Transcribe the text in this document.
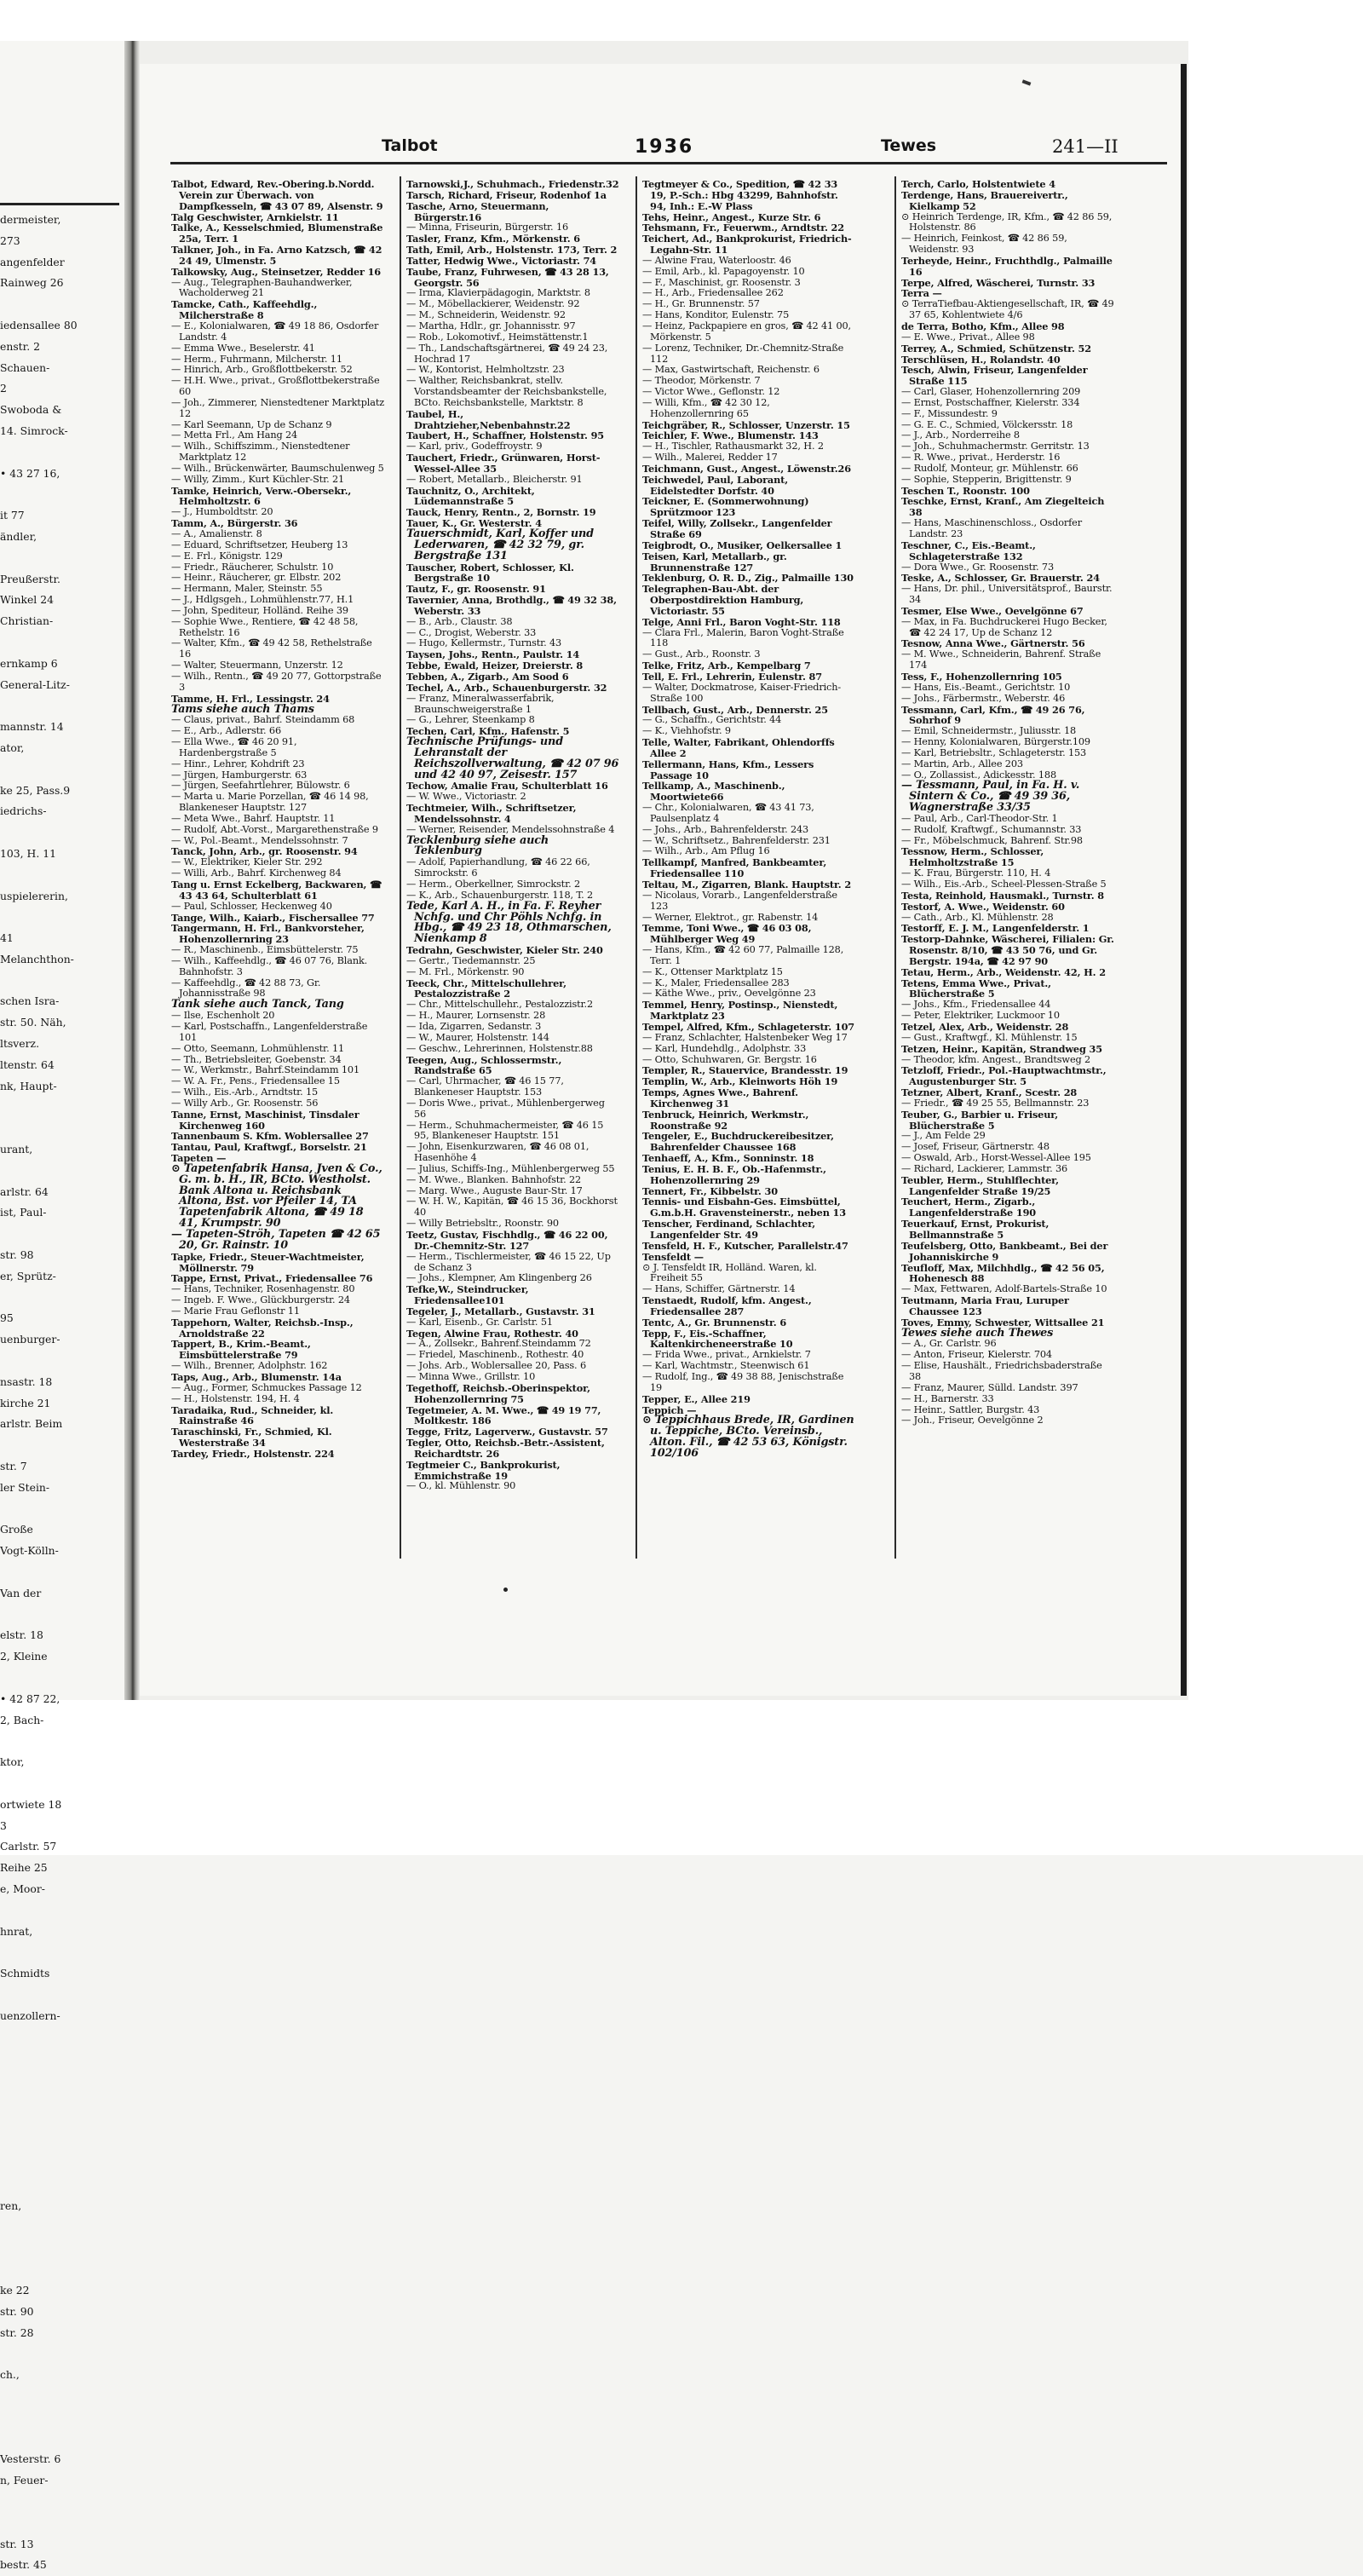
dermeister,
273
angenfelder
Rainweg 26
iedensallee 80
enstr. 2
Schauen-
2
Swoboda &
14. Simrock-
• 43 27 16,
it 77
ändler,
Preußerstr.
Winkel 24
Christian-
ernkamp 6
General-Litz-
mannstr. 14
ator,
ke 25, Pass.9
iedrichs-
103, H. 11
uspielererin,
41
Melanchthon-
schen Isra-
str. 50. Näh,
ltsverz.
ltenstr. 64
nk, Haupt-
urant,
arlstr. 64
ist, Paul-
str. 98
er, Sprütz-
95
uenburger-
nsastr. 18
kirche 21
arlstr. Beim
str. 7
ler Stein-
Große
Vogt-Kölln-
Van der
elstr. 18
2, Kleine
• 42 87 22,
2, Bach-
ktor,
ortwiete 18
3
Carlstr. 57
Reihe 25
e, Moor-
hnrat,
Schmidts
uenzollern-
ren,
ke 22
str. 90
str. 28
ch.,
Vesterstr. 6
n, Feuer-
str. 13
bestr. 45
Talbot	1936	Tewes	241—II
Talbot, Edward, Rev.-Obering.b.Nordd. Verein zur Überwach. von Dampfkesseln, ☎ 43 07 89, Alsenstr. 9
Talg Geschwister, Arnkielstr. 11
Talke, A., Kesselschmied, Blumenstraße 25a, Terr. 1
Talkner, Joh., in Fa. Arno Katzsch, ☎ 42 24 49, Ulmenstr. 5
Talkowsky, Aug., Steinsetzer, Redder 16
— Aug., Telegraphen-Bauhandwerker, Wacholderweg 21
Tamcke, Cath., Kaffeehdlg., Milcherstraße 8
— E., Kolonialwaren, ☎ 49 18 86, Osdorfer Landstr. 4
— Emma Wwe., Beselerstr. 41
— Herm., Fuhrmann, Milcherstr. 11
— Hinrich, Arb., Großflottbekerstr. 52
— H.H. Wwe., privat., Großflottbekerstraße 60
— Joh., Zimmerer, Nienstedtener Marktplatz 12
— Karl Seemann, Up de Schanz 9
— Metta Frl., Am Hang 24
— Wilh., Schiffszimm., Nienstedtener Marktplatz 12
— Wilh., Brückenwärter, Baumschulenweg 5
— Willy, Zimm., Kurt Küchler-Str. 21
Tamke, Heinrich, Verw.-Obersekr., Helmholtzstr. 6
— J., Humboldtstr. 20
Tamm, A., Bürgerstr. 36
— A., Amalienstr. 8
— Eduard, Schriftsetzer, Heuberg 13
— E. Frl., Königstr. 129
— Friedr., Räucherer, Schulstr. 10
— Heinr., Räucherer, gr. Elbstr. 202
— Hermann, Maler, Steinstr. 55
— J., Hdlgsgeh., Lohmühlenstr.77, H.1
— John, Spediteur, Holländ. Reihe 39
— Sophie Wwe., Rentiere, ☎ 42 48 58, Rethelstr. 16
— Walter, Kfm., ☎ 49 42 58, Rethelstraße 16
— Walter, Steuermann, Unzerstr. 12
— Wilh., Rentn., ☎ 49 20 77, Gottorpstraße 3
Tamme, H. Frl., Lessingstr. 24
Tams siehe auch Thams
— Claus, privat., Bahrf. Steindamm 68
— E., Arb., Adlerstr. 66
— Ella Wwe., ☎ 46 20 91, Hardenbergstraße 5
— Hinr., Lehrer, Kohdrift 23
— Jürgen, Hamburgerstr. 63
— Jürgen, Seefahrtlehrer, Bülowstr. 6
— Marta u. Marie Porzellan, ☎ 46 14 98, Blankeneser Hauptstr. 127
— Meta Wwe., Bahrf. Hauptstr. 11
— Rudolf, Abt.-Vorst., Margarethenstraße 9
— W., Pol.-Beamt., Mendelssohnstr. 7
Tanck, John, Arb., gr. Roosenstr. 94
— W., Elektriker, Kieler Str. 292
— Willi, Arb., Bahrf. Kirchenweg 84
Tang u. Ernst Eckelberg, Backwaren, ☎ 43 43 64, Schulterblatt 61
— Paul, Schlosser, Heckenweg 40
Tange, Wilh., Kaiarb., Fischersallee 77
Tangermann, H. Frl., Bankvorsteher, Hohenzollernring 23
— R., Maschinenb., Eimsbüttelerstr. 75
— Wilh., Kaffeehdlg., ☎ 46 07 76, Blank. Bahnhofstr. 3
— Kaffeehdlg., ☎ 42 88 73, Gr. Johannisstraße 98
Tank siehe auch Tanck, Tang
— Ilse, Eschenholt 20
— Karl, Postschaffn., Langenfelderstraße 101
— Otto, Seemann, Lohmühlenstr. 11
— Th., Betriebsleiter, Goebenstr. 34
— W., Werkmstr., Bahrf.Steindamm 101
— W. A. Fr., Pens., Friedensallee 15
— Wilh., Eis.-Arb., Arndtstr. 15
— Willy Arb., Gr. Roosenstr. 56
Tanne, Ernst, Maschinist, Tinsdaler Kirchenweg 160
Tannenbaum S. Kfm. Woblersallee 27
Tantau, Paul, Kraftwgf., Borselstr. 21
Tapeten —
⊙ Tapetenfabrik Hansa, Jven & Co., G. m. b. H., IR, BCto. Westholst. Bank Altona u. Reichsbank Altona, Bst. vor Pfeiler 14, TA Tapetenfabrik Altona, ☎ 49 18 41, Krumpstr. 90
— Tapeten-Ströh, Tapeten ☎ 42 65 20, Gr. Rainstr. 10
Tapke, Friedr., Steuer-Wachtmeister, Möllnerstr. 79
Tappe, Ernst, Privat., Friedensallee 76
— Hans, Techniker, Rosenhagenstr. 80
— Ingeb. F. Wwe., Glückburgerstr. 24
— Marie Frau Geflonstr 11
Tappehorn, Walter, Reichsb.-Insp., Arnoldstraße 22
Tappert, B., Krim.-Beamt., Eimsbüttelerstraße 79
— Wilh., Brenner, Adolphstr. 162
Taps, Aug., Arb., Blumenstr. 14a
— Aug., Former, Schmuckes Passage 12
— H., Holstenstr. 194, H. 4
Taradaika, Rud., Schneider, kl. Rainstraße 46
Taraschinski, Fr., Schmied, Kl. Westerstraße 34
Tardey, Friedr., Holstenstr. 224
Tarnowski,J., Schuhmach., Friedenstr.32
Tarsch, Richard, Friseur, Rodenhof 1a
Tasche, Arno, Steuermann, Bürgerstr.16
— Minna, Friseurin, Bürgerstr. 16
Tasler, Franz, Kfm., Mörkenstr. 6
Tath, Emil, Arb., Holstenstr. 173, Terr. 2
Tatter, Hedwig Wwe., Victoriastr. 74
Taube, Franz, Fuhrwesen, ☎ 43 28 13, Georgstr. 56
— Irma, Klavierpädagogin, Marktstr. 8
— M., Möbellackierer, Weidenstr. 92
— M., Schneiderin, Weidenstr. 92
— Martha, Hdlr., gr. Johannisstr. 97
— Rob., Lokomotivf., Heimstättenstr.1
— Th., Landschaftsgärtnerei, ☎ 49 24 23, Hochrad 17
— W., Kontorist, Helmholtzstr. 23
— Walther, Reichsbankrat, stellv. Vorstandsbeamter der Reichsbankstelle, BCto. Reichsbankstelle, Marktstr. 8
Taubel, H., Drahtzieher,Nebenbahnstr.22
Taubert, H., Schaffner, Holstenstr. 95
— Karl, priv., Godeffroystr. 9
Tauchert, Friedr., Grünwaren, Horst-Wessel-Allee 35
— Robert, Metallarb., Bleicherstr. 91
Tauchnitz, O., Architekt, Lüdemannstraße 5
Tauck, Henry, Rentn., 2, Bornstr. 19
Tauer, K., Gr. Westerstr. 4
Tauerschmidt, Karl, Koffer und Lederwaren, ☎ 42 32 79, gr. Bergstraße 131
Tauscher, Robert, Schlosser, Kl. Bergstraße 10
Tautz, F., gr. Roosenstr. 91
Tavernier, Anna, Brothdlg., ☎ 49 32 38, Weberstr. 33
— B., Arb., Claustr. 38
— C., Drogist, Weberstr. 33
— Hugo, Kellermstr., Turnstr. 43
Taysen, Johs., Rentn., Paulstr. 14
Tebbe, Ewald, Heizer, Dreierstr. 8
Tebben, A., Zigarb., Am Sood 6
Techel, A., Arb., Schauenburgerstr. 32
— Franz, Mineralwasserfabrik, Braunschweigerstraße 1
— G., Lehrer, Steenkamp 8
Techen, Carl, Kfm., Hafenstr. 5
Technische Prüfungs- und Lehranstalt der Reichszollverwaltung, ☎ 42 07 96 und 42 40 97, Zeisestr. 157
Techow, Amalie Frau, Schulterblatt 16
— W. Wwe., Victoriastr. 2
Techtmeier, Wilh., Schriftsetzer, Mendelssohnstr. 4
— Werner, Reisender, Mendelssohnstraße 4
Tecklenburg siehe auch Teklenburg
— Adolf, Papierhandlung, ☎ 46 22 66, Simrockstr. 6
— Herm., Oberkellner, Simrockstr. 2
— K., Arb., Schauenburgerstr. 118, T. 2
Tede, Karl A. H., in Fa. F. Reyher Nchfg. und Chr Pöhls Nchfg. in Hbg., ☎ 49 23 18, Othmarschen, Nienkamp 8
Tedrahn, Geschwister, Kieler Str. 240
— Gertr., Tiedemannstr. 25
— M. Frl., Mörkenstr. 90
Teeck, Chr., Mittelschullehrer, Pestalozzistraße 2
— Chr., Mittelschullehr., Pestalozzistr.2
— H., Maurer, Lornsenstr. 28
— Ida, Zigarren, Sedanstr. 3
— W., Maurer, Holstenstr. 144
— Geschw., Lehrerinnen, Holstenstr.88
Teegen, Aug., Schlossermstr., Randstraße 65
— Carl, Uhrmacher, ☎ 46 15 77, Blankeneser Hauptstr. 153
— Doris Wwe., privat., Mühlenbergerweg 56
— Herm., Schuhmachermeister, ☎ 46 15 95, Blankeneser Hauptstr. 151
— John, Eisenkurzwaren, ☎ 46 08 01, Hasenhöhe 4
— Julius, Schiffs-Ing., Mühlenbergerweg 55
— M. Wwe., Blanken. Bahnhofstr. 22
— Marg. Wwe., Auguste Baur-Str. 17
— W. H. W., Kapitän, ☎ 46 15 36, Bockhorst 40
— Willy Betriebsltr., Roonstr. 90
Teetz, Gustav, Fischhdlg., ☎ 46 22 00, Dr.-Chemnitz-Str. 127
— Herm., Tischlermeister, ☎ 46 15 22, Up de Schanz 3
— Johs., Klempner, Am Klingenberg 26
Tefke,W., Steindrucker, Friedensallee101
Tegeler, J., Metallarb., Gustavstr. 31
— Karl, Eisenb., Gr. Carlstr. 51
Tegen, Alwine Frau, Rothestr. 40
— A., Zollsekr., Bahrenf.Steindamm 72
— Friedel, Maschinenb., Rothestr. 40
— Johs. Arb., Woblersallee 20, Pass. 6
— Minna Wwe., Grillstr. 10
Tegethoff, Reichsb.-Oberinspektor, Hohenzollernring 75
Tegetmeier, A. M. Wwe., ☎ 49 19 77, Moltkestr. 186
Tegge, Fritz, Lagerverw., Gustavstr. 57
Tegler, Otto, Reichsb.-Betr.-Assistent, Reichardtstr. 26
Tegtmeier C., Bankprokurist, Emmichstraße 19
— O., kl. Mühlenstr. 90
Tegtmeyer & Co., Spedition, ☎ 42 33 19, P.-Sch.: Hbg 43299, Bahnhofstr. 94, Inh.: E.-W Plass
Tehs, Heinr., Angest., Kurze Str. 6
Tehsmann, Fr., Feuerwm., Arndtstr. 22
Teichert, Ad., Bankprokurist, Friedrich-Legahn-Str. 11
— Alwine Frau, Waterloostr. 46
— Emil, Arb., kl. Papagoyenstr. 10
— F., Maschinist, gr. Roosenstr. 3
— H., Arb., Friedensallee 262
— H., Gr. Brunnenstr. 57
— Hans, Konditor, Eulenstr. 75
— Heinz, Packpapiere en gros, ☎ 42 41 00, Mörkenstr. 5
— Lorenz, Techniker, Dr.-Chemnitz-Straße 112
— Max, Gastwirtschaft, Reichenstr. 6
— Theodor, Mörkenstr. 7
— Victor Wwe., Geflonstr. 12
— Willi, Kfm., ☎ 42 30 12, Hohenzollernring 65
Teichgräber, R., Schlosser, Unzerstr. 15
Teichler, F. Wwe., Blumenstr. 143
— H., Tischler, Rathausmarkt 32, H. 2
— Wilh., Malerei, Redder 17
Teichmann, Gust., Angest., Löwenstr.26
Teichwedel, Paul, Laborant, Eidelstedter Dorfstr. 40
Teickner, E. (Sommerwohnung) Sprützmoor 123
Teifel, Willy, Zollsekr., Langenfelder Straße 69
Teigbrodt, O., Musiker, Oelkersallee 1
Teisen, Karl, Metallarb., gr. Brunnenstraße 127
Teklenburg, O. R. D., Zig., Palmaille 130
Telegraphen-Bau-Abt. der Oberpostdirektion Hamburg, Victoriastr. 55
Telge, Anni Frl., Baron Voght-Str. 118
— Clara Frl., Malerin, Baron Voght-Straße 118
— Gust., Arb., Roonstr. 3
Telke, Fritz, Arb., Kempelbarg 7
Tell, E. Frl., Lehrerin, Eulenstr. 87
— Walter, Dockmatrose, Kaiser-Friedrich-Straße 100
Tellbach, Gust., Arb., Dennerstr. 25
— G., Schaffn., Gerichtstr. 44
— K., Viehhofstr. 9
Telle, Walter, Fabrikant, Ohlendorffs Allee 2
Tellermann, Hans, Kfm., Lessers Passage 10
Tellkamp, A., Maschinenb., Moortwiete66
— Chr., Kolonialwaren, ☎ 43 41 73, Paulsenplatz 4
— Johs., Arb., Bahrenfelderstr. 243
— W., Schriftsetz., Bahrenfelderstr. 231
— Wilh., Arb., Am Pflug 16
Tellkampf, Manfred, Bankbeamter, Friedensallee 110
Teltau, M., Zigarren, Blank. Hauptstr. 2
— Nicolaus, Vorarb., Langenfelderstraße 123
— Werner, Elektrot., gr. Rabenstr. 14
Temme, Toni Wwe., ☎ 46 03 08, Mühlberger Weg 49
— Hans, Kfm., ☎ 42 60 77, Palmaille 128, Terr. 1
— K., Ottenser Marktplatz 15
— K., Maler, Friedensallee 283
— Käthe Wwe., priv., Oevelgönne 23
Temmel, Henry, Postinsp., Nienstedt, Marktplatz 23
Tempel, Alfred, Kfm., Schlageterstr. 107
— Franz, Schlachter, Halstenbeker Weg 17
— Karl, Hundehdlg., Adolphstr. 33
— Otto, Schuhwaren, Gr. Bergstr. 16
Templer, R., Stauervice, Brandesstr. 19
Templin, W., Arb., Kleinworts Höh 19
Temps, Agnes Wwe., Bahrenf. Kirchenweg 31
Tenbruck, Heinrich, Werkmstr., Roonstraße 92
Tengeler, E., Buchdruckereibesitzer, Bahrenfelder Chaussee 168
Tenhaeff, A., Kfm., Sonninstr. 18
Tenius, E. H. B. F., Ob.-Hafenmstr., Hohenzollernring 29
Tennert, Fr., Kibbelstr. 30
Tennis- und Eisbahn-Ges. Eimsbüttel, G.m.b.H. Gravensteinerstr., neben 13
Tenscher, Ferdinand, Schlachter, Langenfelder Str. 49
Tensfeld, H. F., Kutscher, Parallelstr.47
Tensfeldt —
⊙ J. Tensfeldt IR, Holländ. Waren, kl. Freiheit 55
— Hans, Schiffer, Gärtnerstr. 14
Tenstaedt, Rudolf, kfm. Angest., Friedensallee 287
Tentc, A., Gr. Brunnenstr. 6
Tepp, F., Eis.-Schaffner, Kaltenkircheneerstraße 10
— Frida Wwe., privat., Arnkielstr. 7
— Karl, Wachtmstr., Steenwisch 61
— Rudolf, Ing., ☎ 49 38 88, Jenischstraße 19
Tepper, E., Allee 219
Teppich —
⊙ Teppichhaus Brede, IR, Gardinen u. Teppiche, BCto. Vereinsb., Alton. Fil., ☎ 42 53 63, Königstr. 102/106
Terch, Carlo, Holstentwiete 4
Terdenge, Hans, Brauereivertr., Kielkamp 52
⊙ Heinrich Terdenge, IR, Kfm., ☎ 42 86 59, Holstenstr. 86
— Heinrich, Feinkost, ☎ 42 86 59, Weidenstr. 93
Terheyde, Heinr., Fruchthdlg., Palmaille 16
Terpe, Alfred, Wäscherei, Turnstr. 33
Terra —
⊙ TerraTiefbau-Aktiengesellschaft, IR, ☎ 49 37 65, Kohlentwiete 4/6
de Terra, Botho, Kfm., Allee 98
— E. Wwe., Privat., Allee 98
Terrey, A., Schmied, Schützenstr. 52
Terschlüsen, H., Rolandstr. 40
Tesch, Alwin, Friseur, Langenfelder Straße 115
— Carl, Glaser, Hohenzollernring 209
— Ernst, Postschaffner, Kielerstr. 334
— F., Missundestr. 9
— G. E. C., Schmied, Völckersstr. 18
— J., Arb., Norderreihe 8
— Joh., Schuhmachermstr. Gerritstr. 13
— R. Wwe., privat., Herderstr. 16
— Rudolf, Monteur, gr. Mühlenstr. 66
— Sophie, Stepperin, Brigittenstr. 9
Teschen T., Roonstr. 100
Teschke, Ernst, Kranf., Am Ziegelteich 38
— Hans, Maschinenschloss., Osdorfer Landstr. 23
Teschner, C., Eis.-Beamt., Schlageterstraße 132
— Dora Wwe., Gr. Roosenstr. 73
Teske, A., Schlosser, Gr. Brauerstr. 24
— Hans, Dr. phil., Universitätsprof., Baurstr. 34
Tesmer, Else Wwe., Oevelgönne 67
— Max, in Fa. Buchdruckerei Hugo Becker, ☎ 42 24 17, Up de Schanz 12
Tesnow, Anna Wwe., Gärtnerstr. 56
— M. Wwe., Schneiderin, Bahrenf. Straße 174
Tess, F., Hohenzollernring 105
— Hans, Eis.-Beamt., Gerichtstr. 10
— Johs., Färbermstr., Weberstr. 46
Tessmann, Carl, Kfm., ☎ 49 26 76, Sohrhof 9
— Emil, Schneidermstr., Juliusstr. 18
— Henny, Kolonialwaren, Bürgerstr.109
— Karl, Betriebsltr., Schlageterstr. 153
— Martin, Arb., Allee 203
— O., Zollassist., Adickesstr. 188
— Tessmann, Paul, in Fa. H. v. Sintern & Co., ☎ 49 39 36, Wagnerstraße 33/35
— Paul, Arb., Carl-Theodor-Str. 1
— Rudolf, Kraftwgf., Schumannstr. 33
— Fr., Möbelschmuck, Bahrenf. Str.98
Tessnow, Herm., Schlosser, Helmholtzstraße 15
— K. Frau, Bürgerstr. 110, H. 4
— Wilh., Eis.-Arb., Scheel-Plessen-Straße 5
Testa, Reinhold, Hausmakl., Turnstr. 8
Testorf, A. Wwe., Weidenstr. 60
— Cath., Arb., Kl. Mühlenstr. 28
Testorff, E. J. M., Langenfelderstr. 1
Testorp-Dahnke, Wäscherei, Filialen: Gr. Rosenstr. 8/10, ☎ 43 50 76, und Gr. Bergstr. 194a, ☎ 42 97 90
Tetau, Herm., Arb., Weidenstr. 42, H. 2
Tetens, Emma Wwe., Privat., Blücherstraße 5
— Johs., Kfm., Friedensallee 44
— Peter, Elektriker, Luckmoor 10
Tetzel, Alex, Arb., Weidenstr. 28
— Gust., Kraftwgf., Kl. Mühlenstr. 15
Tetzen, Heinr., Kapitän, Strandweg 35
— Theodor, kfm. Angest., Brandtsweg 2
Tetzloff, Friedr., Pol.-Hauptwachtmstr., Augustenburger Str. 5
Tetzner, Albert, Kranf., Scestr. 28
— Friedr., ☎ 49 25 55, Bellmannstr. 23
Teuber, G., Barbier u. Friseur, Blücherstraße 5
— J., Am Felde 29
— Josef, Friseur, Gärtnerstr. 48
— Oswald, Arb., Horst-Wessel-Allee 195
— Richard, Lackierer, Lammstr. 36
Teubler, Herm., Stuhlflechter, Langenfelder Straße 19/25
Teuchert, Herm., Zigarb., Langenfelderstraße 190
Teuerkauf, Ernst, Prokurist, Bellmannstraße 5
Teufelsberg, Otto, Bankbeamt., Bei der Johanniskirche 9
Teufloff, Max, Milchhdlg., ☎ 42 56 05, Hohenesch 88
— Max, Fettwaren, Adolf-Bartels-Straße 10
Teutmann, Maria Frau, Luruper Chaussee 123
Toves, Emmy, Schwester, Wittsallee 21
Tewes siehe auch Thewes
— A., Gr. Carlstr. 96
— Anton, Friseur, Kielerstr. 704
— Elise, Haushält., Friedrichsbaderstraße 38
— Franz, Maurer, Sülld. Landstr. 397
— H., Barnerstr. 33
— Heinr., Sattler, Burgstr. 43
— Joh., Friseur, Oevelgönne 2
